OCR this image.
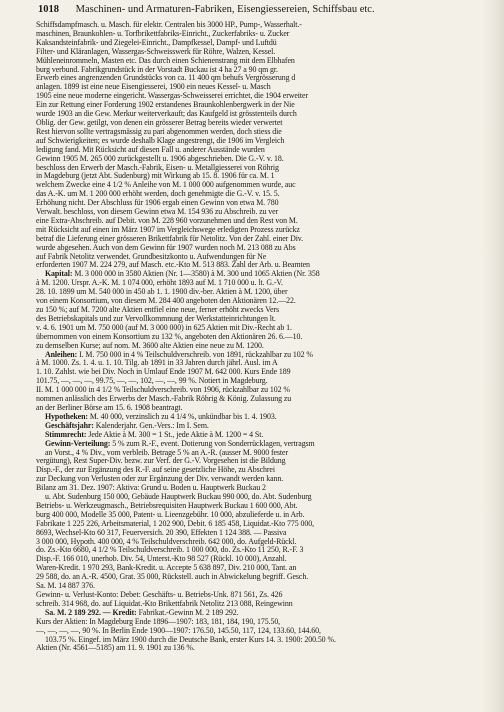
1018 Maschinen- und Armaturen-Fabriken, Eisengiessereien, Schiffsbau etc.
Schiffsdampfmasch. u. Masch. für elektr. Centralen bis 3000 HP., Pump-, Wasserhalt.-
maschinen, Braunkohlen- u. Torfbrikettfabriks-Einricht., Zuckerfabriks- u. Zucker
Kaksandsteinfabrik- und Ziegelei-Einricht., Dampfkessel, Dampf- und Luftdü
Filter- und Kläranlagen, Wassergas-Schweisswerk für Röhre, Walzen, Kessel.
Mühleneinrommeln, Masten etc. Das durch einen Schienenstrang mit dem Elbhafen
burg verbund. Fabrikgrundstück in der Vorstadt Buckau ist 4 ha 27 a 90 qm gr.
Erwerb eines angrenzenden Grundstücks von ca. 11 400 qm behufs Vergrösserung d
anlagen. 1899 ist eine neue Eisengiesserei, 1900 ein neues Kessel- u. Masch
1905 eine neue moderne eingericht. Wassergas-Schweisserei errichtet, die 1904 erweiter
Ein zur Rettung einer Forderung 1902 erstandenes Braunkohlenbergwerk in der Nie
wurde 1903 an die Gew. Merkur weiterverkauft; das Kaufgeld ist grösstenteils durch
Oblig. der Gew. getilgt, von denen ein grösserer Betrag bereits wieder verwertet
Rest hiervon sollte vertragsmässig zu pari abgenommen werden, doch stiess die
auf Schwierigkeiten; es wurde deshalb Klage angestrengt, die 1906 im Vergleich
ledigung fand. Mit Rücksicht auf diesen Fall u. anderer Ausstände wurden
Gewinn 1905 M. 265 000 zurückgestellt u. 1906 abgeschrieben. Die G.-V. v. 18.
beschloss den Erwerb der Masch.-Fabrik, Eisen- u. Metallgiesserei von Röhrig
in Magdeburg (jetzt Abt. Sudenburg) mit Wirkung ab 15. 8. 1906 für ca. M. 1
welchem Zwecke eine 4 1/2 % Anleihe von M. 1 000 000 aufgenommen wurde, auc
das A.-K. um M. 1 200 000 erhöht werden, doch genehmigte die G.-V. v. 15. 5.
Erhöhung nicht. Der Abschluss für 1906 ergab einen Gewinn von etwa M. 780
Verwalt. beschloss, von diesem Gewinn etwa M. 154 936 zu Abschreib. zu ver
eine Extra-Abschreib. auf Debit. von M. 228 960 vorzunehmen und den Rest von M.
mit Rücksicht auf einen im März 1907 im Vergleichswege erledigten Prozess zurückz
betraf die Lieferung einer grösseren Brikettfabrik für Netolitz. Von der Zahl. einer Div.
wurde abgesehen. Auch von dem Gewinn für 1907 wurden noch M. 213 088 zu Abs
auf Fabrik Netolitz verwendet. Grundbesitzkonto u. Aufwendungen für Ne
erforderten 1907 M. 224 279, auf Masch. etc.-Kto M. 513 883. Zahl der Arb. u. Beamten
Kapital: M. 3 000 000 in 3580 Aktien (Nr. 1—3580) à M. 300 und 1065 Aktien (Nr. 358
à M. 1200. Urspr. A.-K. M. 1 074 000, erhöht 1893 auf M. 1 710 000 u. lt. G.-V.
28. 10. 1899 um M. 540 000 in 450 ab 1. 1. 1900 div.-ber. Aktien à M. 1200, über
von einem Konsortium, von diesem M. 284 400 angeboten den Aktionären 12.—22.
zu 150 %; auf M. 7200 alte Aktien entfiel eine neue, ferner erhöht zwecks Vers
des Betriebskapitals und zur Vervollkommnung der Werkstatteinrichtungen lt.
v. 4. 6. 1901 um M. 750 000 (auf M. 3 000 000) in 625 Aktien mit Div.-Recht ab 1.
übernommen von einem Konsortium zu 132 %, angeboten den Aktionären 26. 6.—10.
zu demselben Kurse; auf nom. M. 3600 alte Aktien eine neue zu M. 1200.
Anleihen: I. M. 750 000 in 4 % Teilschuldverschreib. von 1891, rückzahlbar zu 102 %
à M. 1000. Zs. 1. 4. u. 1. 10. Tilg. ab 1891 in 33 Jahren durch jährl. Ausl. im A
1. 10. Zahlst. wie bei Div. Noch in Umlauf Ende 1907 M. 642 000. Kurs Ende 189
101.75, —, —, —, 99.75, —, —, 102, —, —, 99 %. Notiert in Magdeburg.
II. M. 1 000 000 in 4 1/2 % Teilschuldverschreib. von 1906, rückzahlbar zu 102 %
nommen anlässlich des Erwerbs der Masch.-Fabrik Röhrig & König. Zulassung zu
an der Berliner Börse am 15. 6. 1908 beantragt.
Hypotheken: M. 40 000, verzinslich zu 4 1/4 %, unkündbar bis 1. 4. 1903.
Geschäftsjahr: Kalenderjahr. Gen.-Vers.: Im I. Sem.
Stimmrecht: Jede Aktie à M. 300 = 1 St., jede Aktie à M. 1200 = 4 St.
Gewinn-Verteilung: 5 % zum R.-F., event. Dotierung von Sonderrücklagen, vertragsm
an Vorst., 4 % Div., vom verbleib. Betrage 5 % an A.-R. (ausser M. 9000 fester
vergütung), Rest Super-Div. bezw. zur Verf. der G.-V. Vorgesehen ist die Bildung
Disp.-F., der zur Ergänzung des R.-F. auf seine gesetzliche Höhe, zu Abschrei
zur Deckung von Verlusten oder zur Ergänzung der Div. verwandt werden kann.
Bilanz am 31. Dez. 1907: Aktiva: Grund u. Boden u. Hauptwerk Buckau 2
u. Abt. Sudenburg 150 000, Gebäude Hauptwerk Buckau 990 000, do. Abt. Sudenburg
Betriebs- u. Werkzeugmasch., Betriebsrequisiten Hauptwerk Buckau 1 600 000, Abt.
burg 400 000, Modelle 35 000, Patent- u. Lieenzgebühr. 10 000, abzulieferde u. in Arb.
Fabrikate 1 225 226, Arbeitsmaterial, 1 202 900, Debit. 6 185 458, Liquidat.-Kto 775 000,
8693, Wechsel-Kto 60 317, Feuerversich. 20 390, Effekten 1 124 388. — Passiva
3 000 000, Hypoth. 400 000, 4 % Teilschuldverschreib. 642 000, do. Aufgeld-Rückl.
do. Zs.-Kto 6680, 4 1/2 % Teilschuldverschreib. 1 000 000, do. Zs.-Kto 11 250, R.-F. 3
Disp.-F. 166 010, unerhob. Div. 54, Unterst.-Kto 98 527 (Rückl. 10 000), Anzahl.
Waren-Kredit. 1 970 293, Bank-Kredit. u. Accepte 5 638 897, Div. 210 000, Tant. an
29 588, do. an A.-R. 4500, Grat. 35 000, Rückstell. auch in Abwickelung begriff. Gesch.
Sa. M. 14 887 376.
Gewinn- u. Verlust-Konto: Debet: Geschäfts- u. Betriebs-Unk. 871 561, Zs. 426
schreib. 314 968, do. auf Liquidat.-Kto Brikettfabrik Netolitz 213 088, Reingewinn
Sa. M. 2 189 292. — Kredit: Fabrikat.-Gewinn M. 2 189 292.
Kurs der Aktien: In Magdeburg Ende 1896—1907: 183, 181, 184, 190, 175.50,
—, —, —, —, 90 %. In Berlin Ende 1900—1907: 176.50, 145.50, 117, 124, 133.60, 144.60,
103.75 %. Eingef. im März 1900 durch die Deutsche Bank, erster Kurs 14. 3. 1900: 200.50 %.
Aktien (Nr. 4561—5185) am 11. 9. 1901 zu 136 %.
